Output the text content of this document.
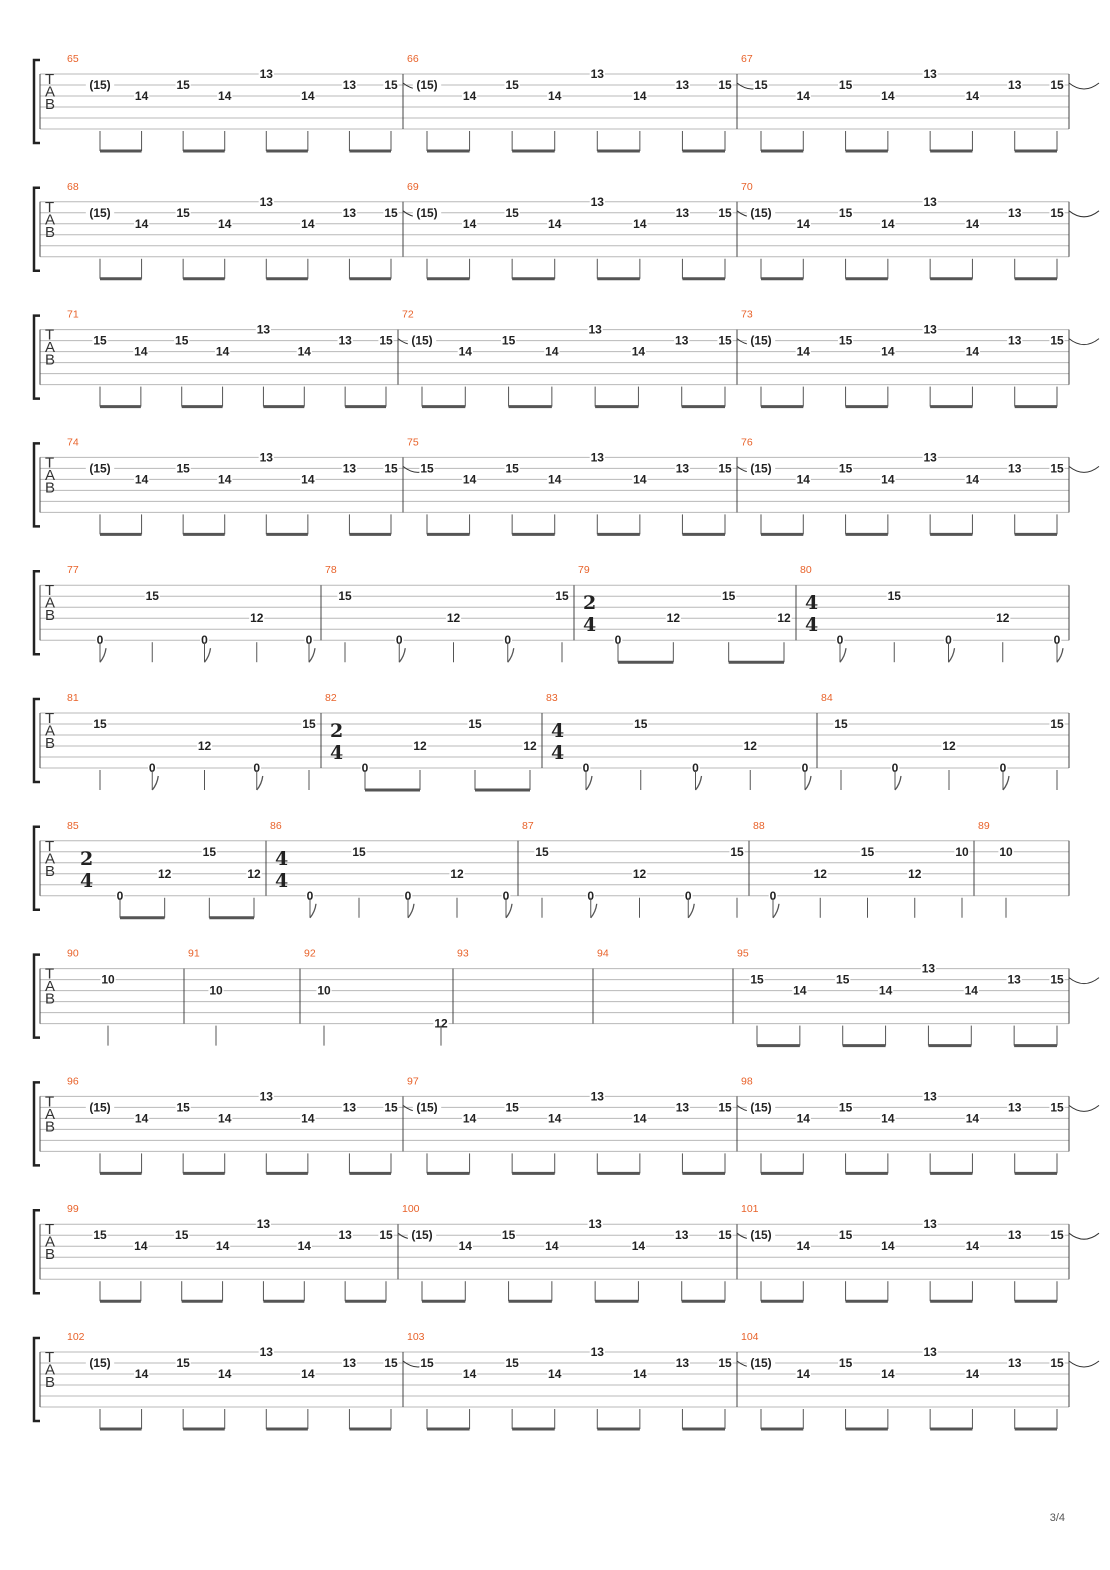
T
A
B
65
(15)
14
15
14
13
14
13 15
66
(15)
14
15
14
13
14
13 15
67
15
14
15
14
13
14
13 15
T
A
B
68
(15)
14
15
14
13
14
13 15
69
(15)
14
15
14
13
14
13 15
70
(15)
14
15
14
13
14
13 15
T
A
B
71
15
14
15
14
13
14
13 15
72
(15)
14
15
14
13
14
13 15
73
(15)
14
15
14
13
14
13 15
T
A
B
74
(15)
14
15
14
13
14
13 15
75
15
14
15
14
13
14
13 15
76
(15)
14
15
14
13
14
13 15
T
A
B
77
0
15
0
12
0
78
15
0
12
0
15
79
2
4
0
12
15
12
80
4
4
0
15
0
12
0
T
A
B
81
15
0
12
0
15
82
2
4
0
12
15
12
83
4
4
0
15
0
12
0
84
15
0
12
0
15
T
A
B
85
2
4
0
12
15
12
86
4
4
0
15
0
12
0
87
15
0
12
0
15
88
0
12
15
12
10
89
10
T
A
B
90
10
91
10
92
10
12
93	94	95
15
14
15
14
13
14
13 15
T
A
B
96
(15)
14
15
14
13
14
13 15
97
(15)
14
15
14
13
14
13 15
98
(15)
14
15
14
13
14
13 15
T
A
B
99
15
14
15
14
13
14
13 15
100
(15)
14
15
14
13
14
13 15
101
(15)
14
15
14
13
14
13 15
T
A
B
102
(15)
14
15
14
13
14
13 15
103
15
14
15
14
13
14
13 15
104
(15)
14
15
14
13
14
13 15
3/4
